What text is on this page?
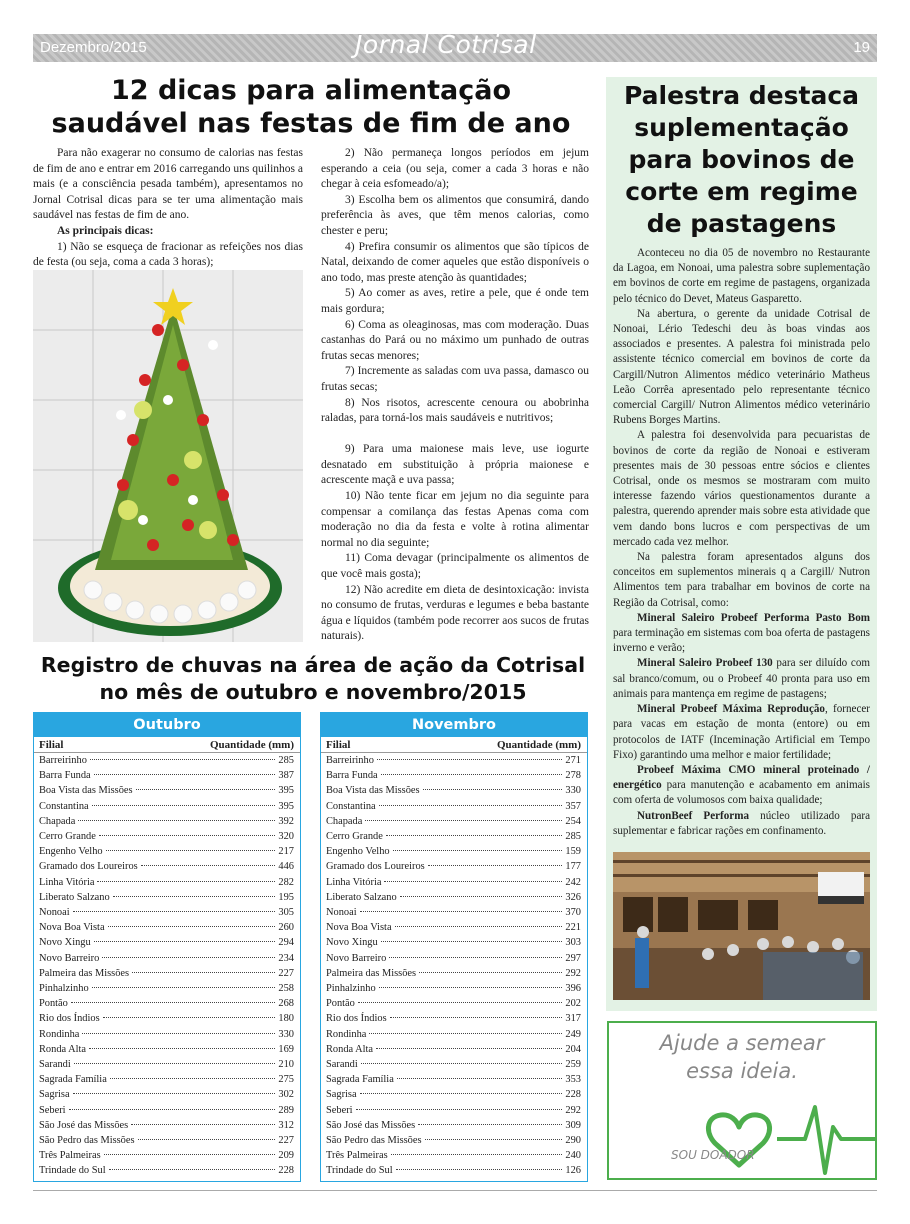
Dezembro/2015	Jornal Cotrisal	19
12 dicas para alimentação saudável nas festas de fim de ano

Para não exagerar no consumo de calorias nas festas de fim de ano e entrar em 2016 carregando uns quilinhos a mais (e a consciência pesada também), apresentamos no Jornal Cotrisal dicas para se ter uma alimentação mais saudável nas festas de fim de ano.

As principais dicas:

1) Não se esqueça de fracionar as refeições nos dias de festa (ou seja, coma a cada 3 horas);

2) Não permaneça longos períodos em jejum esperando a ceia (ou seja, comer a cada 3 horas e não chegar à ceia esfomeado/a);

3) Escolha bem os alimentos que consumirá, dando preferência às aves, que têm menos calorias, como chester e peru;

4) Prefira consumir os alimentos que são típicos de Natal, deixando de comer aqueles que estão disponíveis o ano todo, mas preste atenção às quantidades;

5) Ao comer as aves, retire a pele, que é onde tem mais gordura;

6) Coma as oleaginosas, mas com moderação. Duas castanhas do Pará ou no máximo um punhado de outras frutas secas menores;

7) Incremente as saladas com uva passa, damasco ou frutas secas;

8) Nos risotos, acrescente cenoura ou abobrinha raladas, para torná-los mais saudáveis e nutritivos;

9) Para uma maionese mais leve, use iogurte desnatado em substituição à própria maionese e acrescente maçã e uva passa;

10) Não tente ficar em jejum no dia seguinte para compensar a comilança das festas Apenas coma com moderação no dia da festa e volte à rotina alimentar normal no dia seguinte;

11) Coma devagar (principalmente os alimentos de que você mais gosta);

12) Não acredite em dieta de desintoxicação: invista no consumo de frutas, verduras e legumes e beba bastante água e líquidos (também pode recorrer aos sucos de frutas naturais).

Registro de chuvas na área de ação da Cotrisal no mês de outubro e novembro/2015
Outubro
Filial	Quantidade (mm)
Barreirinho	285
Barra Funda	387
Boa Vista das Missões	395
Constantina	395
Chapada	392
Cerro Grande	320
Engenho Velho	217
Gramado dos Loureiros	446
Linha Vitória	282
Liberato Salzano	195
Nonoai	305
Nova Boa Vista	260
Novo Xingu	294
Novo Barreiro	234
Palmeira das Missões	227
Pinhalzinho	258
Pontão	268
Rio dos Índios	180
Rondinha	330
Ronda Alta	169
Sarandi	210
Sagrada Família	275
Sagrisa	302
Seberi	289
São José das Missões	312
São Pedro das Missões	227
Três Palmeiras	209
Trindade do Sul	228
Novembro
Filial	Quantidade (mm)
Barreirinho	271
Barra Funda	278
Boa Vista das Missões	330
Constantina	357
Chapada	254
Cerro Grande	285
Engenho Velho	159
Gramado dos Loureiros	177
Linha Vitória	242
Liberato Salzano	326
Nonoai	370
Nova Boa Vista	221
Novo Xingu	303
Novo Barreiro	297
Palmeira das Missões	292
Pinhalzinho	396
Pontão	202
Rio dos Índios	317
Rondinha	249
Ronda Alta	204
Sarandi	259
Sagrada Família	353
Sagrisa	228
Seberi	292
São José das Missões	309
São Pedro das Missões	290
Três Palmeiras	240
Trindade do Sul	126
Palestra destaca suplementação para bovinos de corte em regime de pastagens

Aconteceu no dia 05 de novembro no Restaurante da Lagoa, em Nonoai, uma palestra sobre suplementação em bovinos de corte em regime de pastagens, organizada pelo técnico do Devet, Mateus Gasparetto.

Na abertura, o gerente da unidade Cotrisal de Nonoai, Lério Tedeschi deu às boas vindas aos associados e presentes. A palestra foi ministrada pelo assistente técnico comercial em bovinos de corte da Cargill/Nutron Alimentos médico veterinário Matheus Leão Corrêa apresentado pelo representante técnico comercial Cargill/ Nutron Alimentos médico veterinário Rubens Borges Martins.

A palestra foi desenvolvida para pecuaristas de bovinos de corte da região de Nonoai e estiveram presentes mais de 30 pessoas entre sócios e clientes Cotrisal, onde os mesmos se mostraram com muito interesse fazendo vários questionamentos durante a palestra, querendo aprender mais sobre esta atividade que vem dando bons lucros e com perspectivas de um mercado cada vez melhor.

Na palestra foram apresentados alguns dos conceitos em suplementos minerais q a Cargill/ Nutron Alimentos tem para trabalhar em bovinos de corte na Região da Cotrisal, como:

Mineral Saleiro Probeef Performa Pasto Bom para terminação em sistemas com boa oferta de pastagens inverno e verão;

Mineral Saleiro Probeef 130 para ser diluído com sal branco/comum, ou o Probeef 40 pronta para uso em animais para mantença em regime de pastagens;

Mineral Probeef Máxima Reprodução, fornecer para vacas em estação de monta (entore) ou em protocolos de IATF (Inceminação Artificial em Tempo Fixo) garantindo uma melhor e maior fertilidade;

Probeef Máxima CMO mineral proteinado / energético para manutenção e acabamento em animais com oferta de volumosos com baixa qualidade;

NutronBeef Performa núcleo utilizado para suplementar e fabricar rações em confinamento.

Ajude a semear
essa ideia.
SOU DOADOR
